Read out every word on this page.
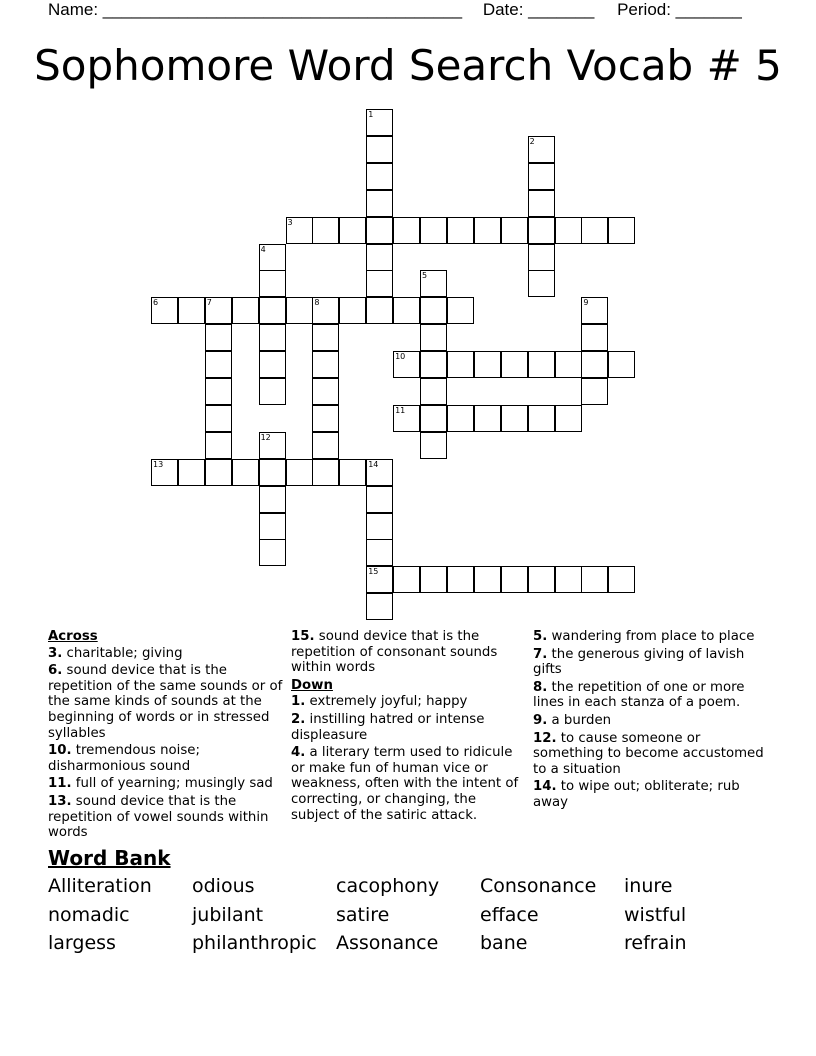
Name: ______________________________________ Date: _______ Period: _______
Sophomore Word Search Vocab # 5
3
6	7	8
10
11
13	14
15
1
2
4
5
9
12
Across
3. charitable; giving
6. sound device that is the repetition of the same sounds or of the same kinds of sounds at the beginning of words or in stressed syllables
10. tremendous noise; disharmonious sound
11. full of yearning; musingly sad
13. sound device that is the repetition of vowel sounds within words
15. sound device that is the repetition of consonant sounds within words
Down
1. extremely joyful; happy
2. instilling hatred or intense displeasure
4. a literary term used to ridicule or make fun of human vice or weakness, often with the intent of correcting, or changing, the subject of the satiric attack.
5. wandering from place to place
7. the generous giving of lavish gifts
8. the repetition of one or more lines in each stanza of a poem.
9. a burden
12. to cause someone or something to become accustomed to a situation
14. to wipe out; obliterate; rub away
Word Bank
Alliteration odious	cacophony Consonance inure
nomadic	jubilant	satire	efface	wistful
largess	philanthropic Assonance bane	refrain
